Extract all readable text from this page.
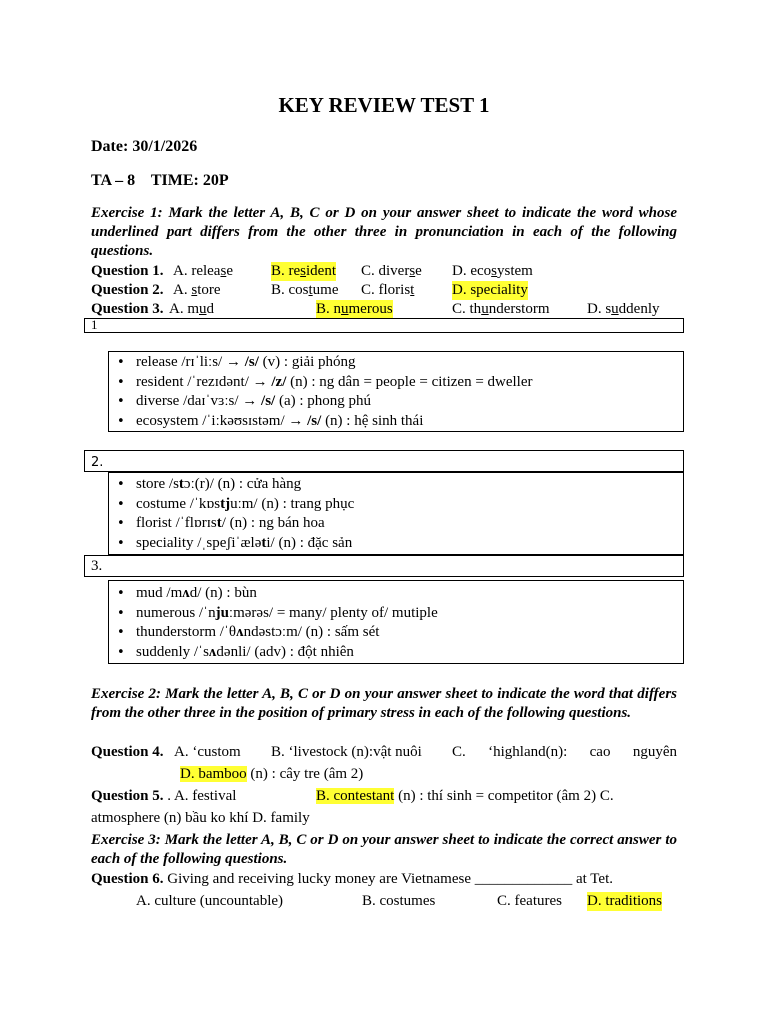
KEY REVIEW TEST 1
Date: 30/1/2026
TA – 8    TIME: 20P
Exercise 1: Mark the letter A, B, C or D on your answer sheet to indicate the word whose underlined part differs from the other three in pronunciation in each of the following questions.
Question 1. A. release	B. resident C. diverse D. ecosystem
Question 2. A. store	B. costume C. florist	D. speciality
Question 3. A. mud	B. numerous	C. thunderstorm D. suddenly
1
• release /rɪˈliːs/ → /s/ (v) : giải phóng
• resident /ˈrezɪdənt/ → /z/ (n) : ng dân = people = citizen = dweller
• diverse /daɪˈvɜːs/ → /s/ (a) : phong phú
• ecosystem /ˈiːkəʊsɪstəm/ → /s/ (n) : hệ sinh thái
2.
• store /stɔː(r)/ (n) : cửa hàng
• costume /ˈkɒstjuːm/ (n) : trang phục
• florist /ˈflɒrɪst/ (n) : ng bán hoa
• speciality /ˌspeʃiˈæləti/ (n) : đặc sản
3.
• mud /mʌd/ (n) : bùn
• numerous /ˈnjuːmərəs/ = many/ plenty of/ mutiple
• thunderstorm /ˈθʌndəstɔːm/ (n) : sấm sét
• suddenly /ˈsʌdənli/ (adv) : đột nhiên
Exercise 2: Mark the letter A, B, C or D on your answer sheet to indicate the word that differs from the other three in the position of primary stress in each of the following questions.
Question 4. A. ‘custom B. ‘livestock (n):vật nuôi C. ‘highland(n): cao nguyên
D. bamboo (n) : cây tre (âm 2)
Question 5. . A. festival	B. contestant (n) : thí sinh = competitor (âm 2) C.
atmosphere (n) bầu ko khí D. family
Exercise 3: Mark the letter A, B, C or D on your answer sheet to indicate the correct answer to each of the following questions.
Question 6. Giving and receiving lucky money are Vietnamese _____________ at Tet.
A. culture (uncountable)	B. costumes	C. features D. traditions
